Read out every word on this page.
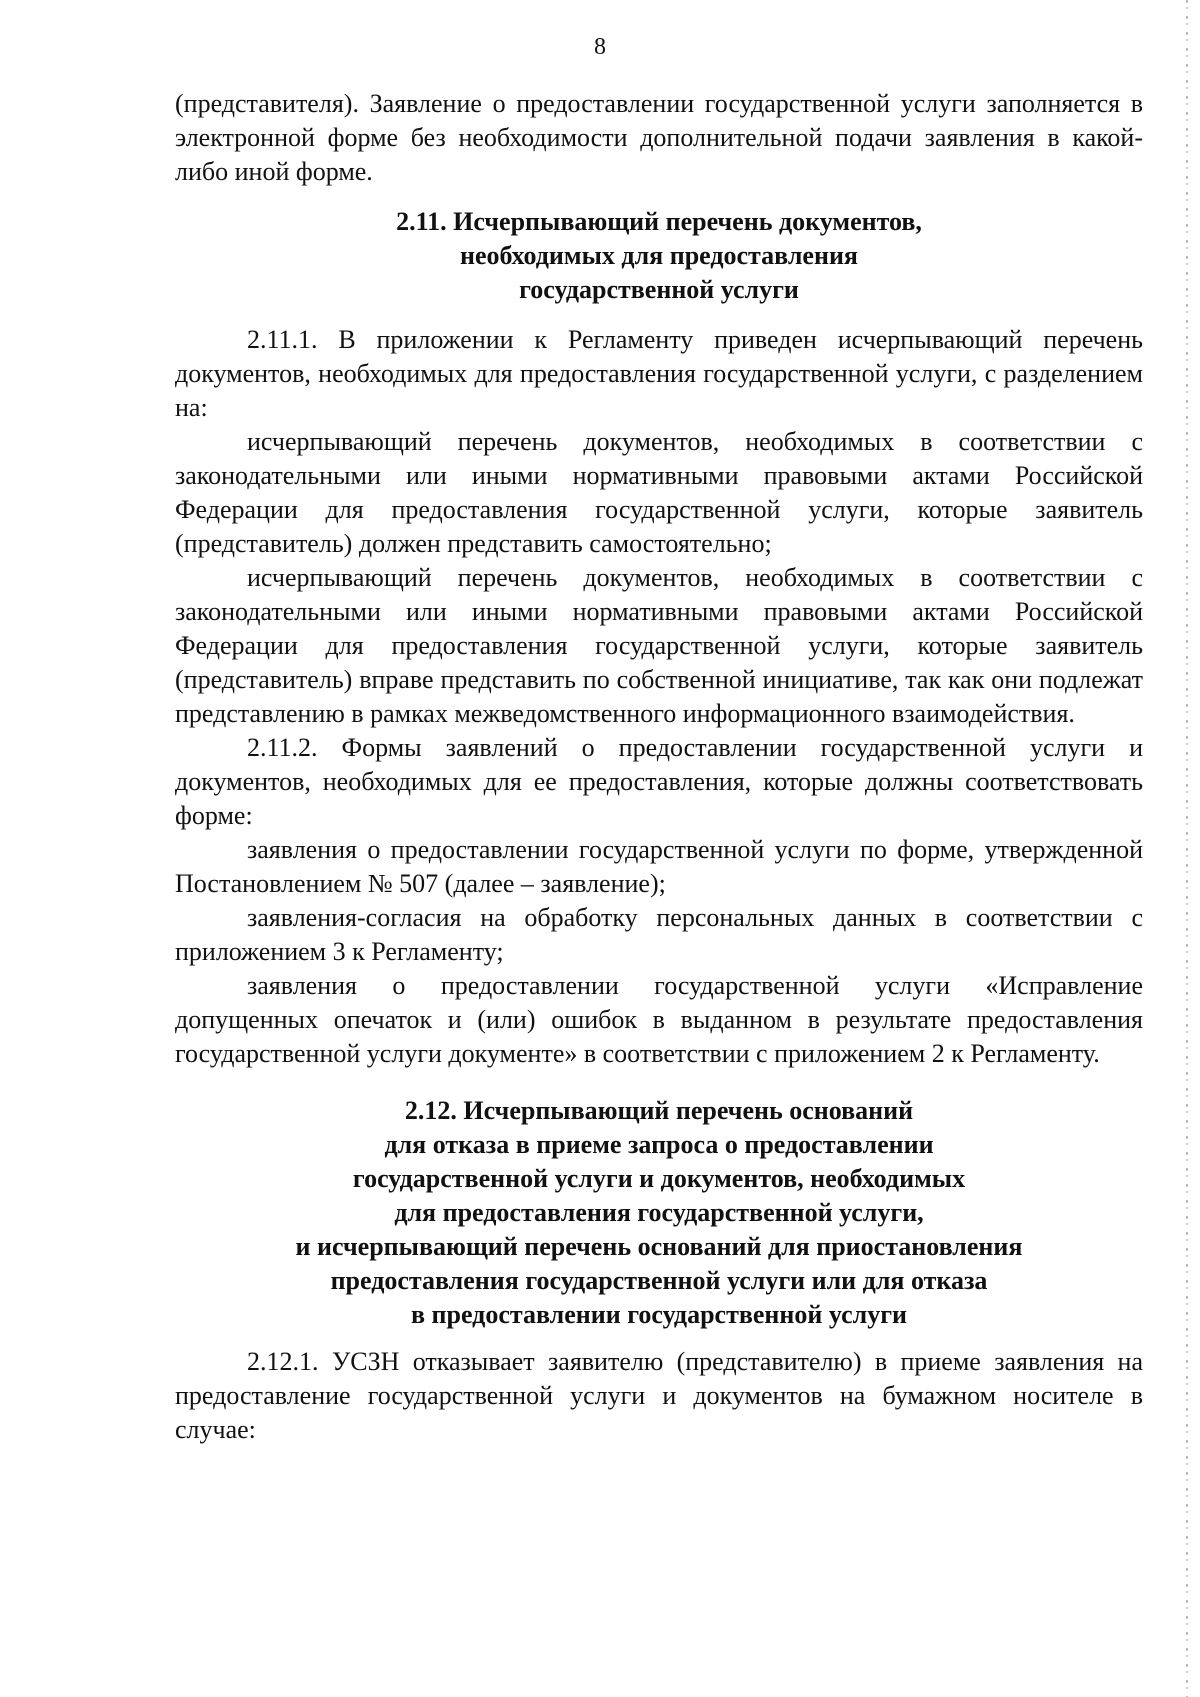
8

(представителя). Заявление о предоставлении государственной услуги заполняется в электронной форме без необходимости дополнительной подачи заявления в какой-либо иной форме.

2.11. Исчерпывающий перечень документов,
необходимых для предоставления
государственной услуги

2.11.1. В приложении к Регламенту приведен исчерпывающий перечень документов, необходимых для предоставления государственной услуги, с разделением на:

исчерпывающий перечень документов, необходимых в соответствии с законодательными или иными нормативными правовыми актами Российской Федерации для предоставления государственной услуги, которые заявитель (представитель) должен представить самостоятельно;

исчерпывающий перечень документов, необходимых в соответствии с законодательными или иными нормативными правовыми актами Российской Федерации для предоставления государственной услуги, которые заявитель (представитель) вправе представить по собственной инициативе, так как они подлежат представлению в рамках межведомственного информационного взаимодействия.

2.11.2. Формы заявлений о предоставлении государственной услуги и документов, необходимых для ее предоставления, которые должны соответствовать форме:

заявления о предоставлении государственной услуги по форме, утвержденной Постановлением № 507 (далее – заявление);

заявления-согласия на обработку персональных данных в соответствии с приложением 3 к Регламенту;

заявления о предоставлении государственной услуги «Исправление допущенных опечаток и (или) ошибок в выданном в результате предоставления государственной услуги документе» в соответствии с приложением 2 к Регламенту.

2.12. Исчерпывающий перечень оснований
для отказа в приеме запроса о предоставлении
государственной услуги и документов, необходимых
для предоставления государственной услуги,
и исчерпывающий перечень оснований для приостановления
предоставления государственной услуги или для отказа
в предоставлении государственной услуги

2.12.1. УСЗН отказывает заявителю (представителю) в приеме заявления на предоставление государственной услуги и документов на бумажном носителе в случае:
